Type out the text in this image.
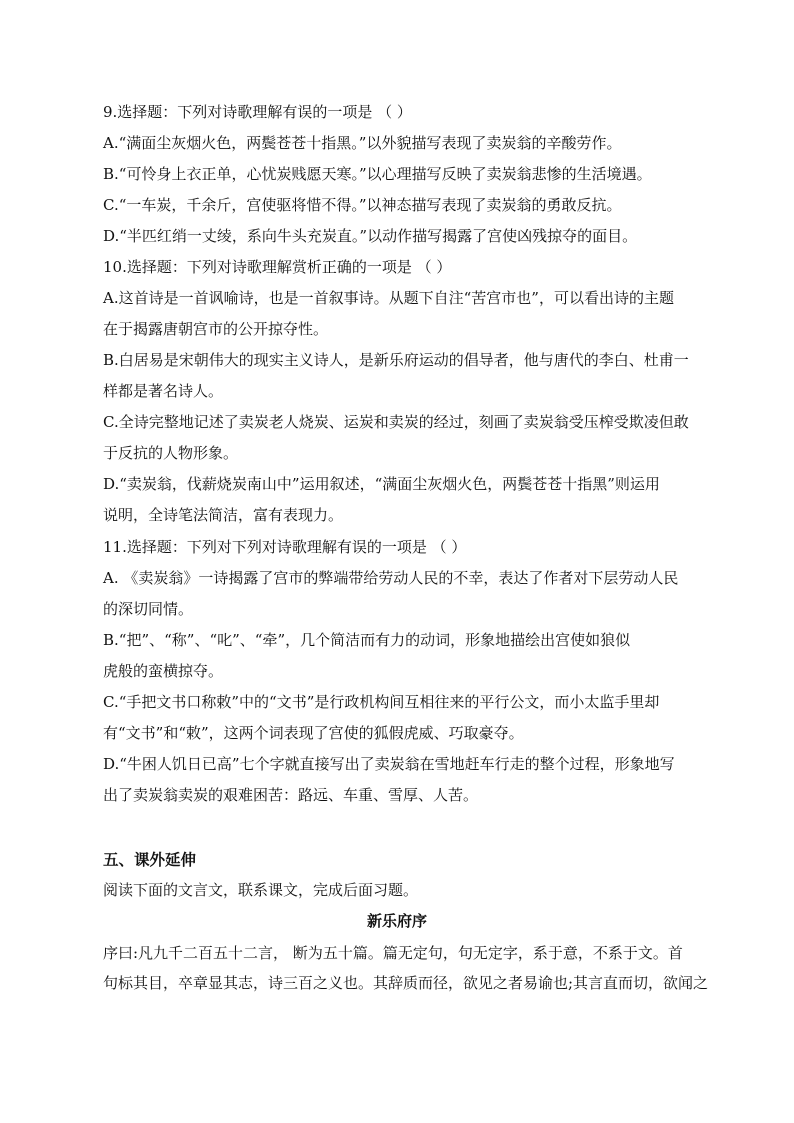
9.选择题：下列对诗歌理解有误的一项是 （ ）
A.“满面尘灰烟火色，两鬓苍苍十指黑。”以外貌描写表现了卖炭翁的辛酸劳作。
B.“可怜身上衣正单，心忧炭贱愿天寒。”以心理描写反映了卖炭翁悲惨的生活境遇。
C.“一车炭，千余斤，宫使驱将惜不得。”以神态描写表现了卖炭翁的勇敢反抗。
D.“半匹红绡一丈绫，系向牛头充炭直。”以动作描写揭露了宫使凶残掠夺的面目。
10.选择题：下列对诗歌理解赏析正确的一项是 （ ）
A.这首诗是一首讽喻诗，也是一首叙事诗。从题下自注“苦宫市也”，可以看出诗的主题
在于揭露唐朝宫市的公开掠夺性。
B.白居易是宋朝伟大的现实主义诗人，是新乐府运动的倡导者，他与唐代的李白、杜甫一
样都是著名诗人。
C.全诗完整地记述了卖炭老人烧炭、运炭和卖炭的经过，刻画了卖炭翁受压榨受欺凌但敢
于反抗的人物形象。
D.“卖炭翁，伐薪烧炭南山中”运用叙述，“满面尘灰烟火色，两鬓苍苍十指黑”则运用
说明，全诗笔法简洁，富有表现力。
11.选择题：下列对下列对诗歌理解有误的一项是 （ ）
A. 《卖炭翁》一诗揭露了宫市的弊端带给劳动人民的不幸，表达了作者对下层劳动人民
的深切同情。
B.“把”、“称”、“叱”、“牵”，几个简洁而有力的动词，形象地描绘出宫使如狼似
虎般的蛮横掠夺。
C.“手把文书口称敕”中的“文书”是行政机构间互相往来的平行公文，而小太监手里却
有“文书”和“敕”，这两个词表现了宫使的狐假虎威、巧取豪夺。
D.“牛困人饥日已高”七个字就直接写出了卖炭翁在雪地赶车行走的整个过程，形象地写
出了卖炭翁卖炭的艰难困苦：路远、车重、雪厚、人苦。
五、课外延伸
阅读下面的文言文，联系课文，完成后面习题。
新乐府序
序曰:凡九千二百五十二言， 断为五十篇。篇无定句，句无定字，系于意，不系于文。首
句标其目，卒章显其志，诗三百之义也。其辞质而径，欲见之者易谕也;其言直而切，欲闻之
